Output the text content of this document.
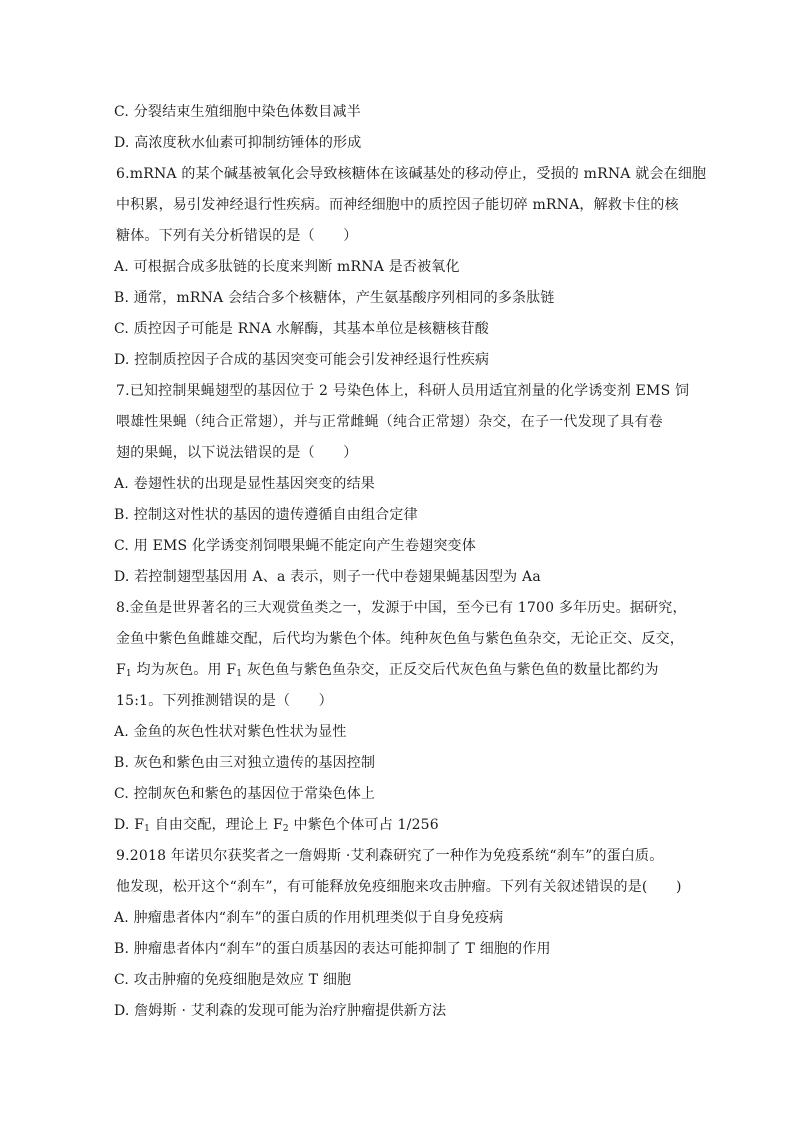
C. 分裂结束生殖细胞中染色体数目减半
D. 高浓度秋水仙素可抑制纺锤体的形成
6.mRNA 的某个碱基被氧化会导致核糖体在该碱基处的移动停止，受损的 mRNA 就会在细胞
中积累，易引发神经退行性疾病。而神经细胞中的质控因子能切碎 mRNA，解救卡住的核
糖体。下列有关分析错误的是（　　）
A. 可根据合成多肽链的长度来判断 mRNA 是否被氧化
B. 通常，mRNA 会结合多个核糖体，产生氨基酸序列相同的多条肽链
C. 质控因子可能是 RNA 水解酶，其基本单位是核糖核苷酸
D. 控制质控因子合成的基因突变可能会引发神经退行性疾病
7.已知控制果蝇翅型的基因位于 2 号染色体上，科研人员用适宜剂量的化学诱变剂 EMS 饲
喂雄性果蝇（纯合正常翅），并与正常雌蝇（纯合正常翅）杂交，在子一代发现了具有卷
翅的果蝇，以下说法错误的是（　　）
A. 卷翅性状的出现是显性基因突变的结果
B. 控制这对性状的基因的遗传遵循自由组合定律
C. 用 EMS 化学诱变剂饲喂果蝇不能定向产生卷翅突变体
D. 若控制翅型基因用 A、a 表示，则子一代中卷翅果蝇基因型为 Aa
8.金鱼是世界著名的三大观赏鱼类之一，发源于中国，至今已有 1700 多年历史。据研究，
金鱼中紫色鱼雌雄交配，后代均为紫色个体。纯种灰色鱼与紫色鱼杂交，无论正交、反交，
$F_1$ 均为灰色。用 $F_1$ 灰色鱼与紫色鱼杂交，正反交后代灰色鱼与紫色鱼的数量比都约为
15:1。下列推测错误的是（　　）
A. 金鱼的灰色性状对紫色性状为显性
B. 灰色和紫色由三对独立遗传的基因控制
C. 控制灰色和紫色的基因位于常染色体上
D. $F_1$ 自由交配，理论上 $F_2$ 中紫色个体可占 1/256
9.2018 年诺贝尔获奖者之一詹姆斯 ·艾利森研究了一种作为免疫系统“刹车”的蛋白质。
他发现，松开这个“刹车”，有可能释放免疫细胞来攻击肿瘤。下列有关叙述错误的是(　　)
A. 肿瘤患者体内“刹车”的蛋白质的作用机理类似于自身免疫病
B. 肿瘤患者体内“刹车”的蛋白质基因的表达可能抑制了 T 细胞的作用
C. 攻击肿瘤的免疫细胞是效应 T 细胞
D. 詹姆斯 · 艾利森的发现可能为治疗肿瘤提供新方法
